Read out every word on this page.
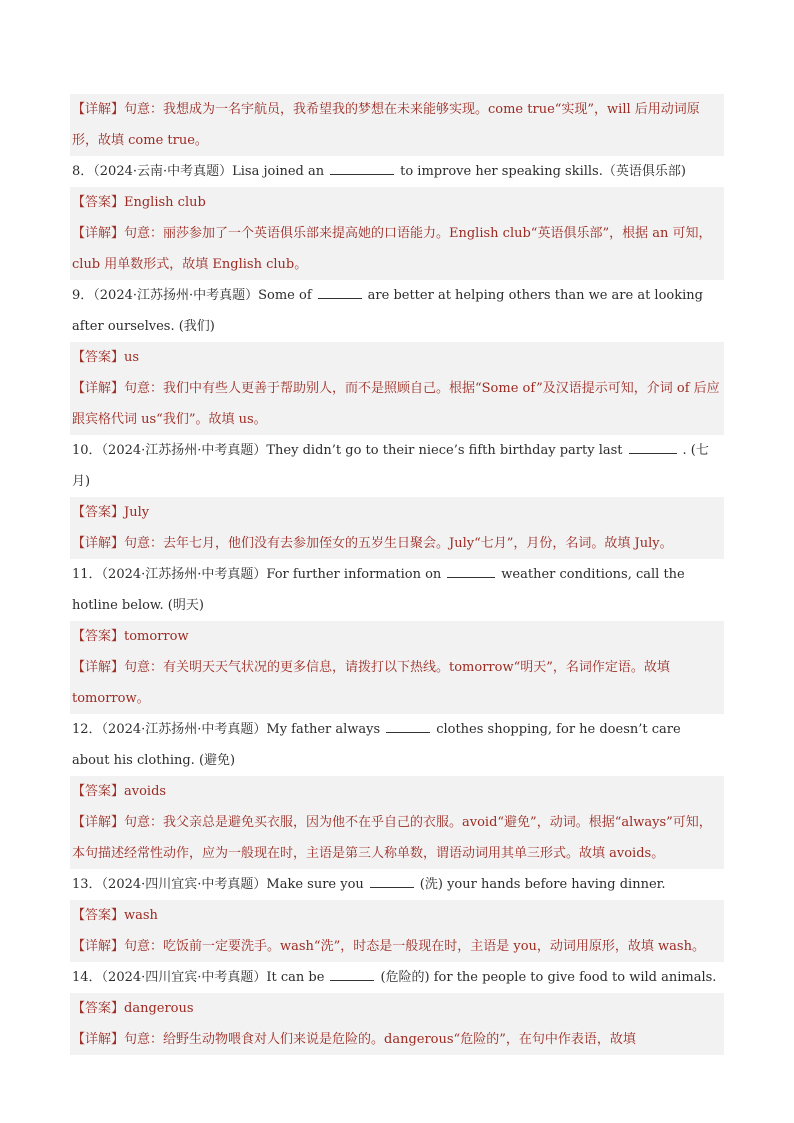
【详解】句意：我想成为一名宇航员，我希望我的梦想在未来能够实现。come true“实现”，will 后用动词原形，故填 come true。
8．（2024·云南·中考真题）Lisa joined an	to improve her speaking skills.（英语俱乐部)
【答案】English club
【详解】句意：丽莎参加了一个英语俱乐部来提高她的口语能力。English club“英语俱乐部”，根据 an 可知，club 用单数形式，故填 English club。
9．（2024·江苏扬州·中考真题）Some of	are better at helping others than we are at looking after ourselves. (我们)
【答案】us
【详解】句意：我们中有些人更善于帮助别人，而不是照顾自己。根据“Some of”及汉语提示可知，介词 of 后应跟宾格代词 us“我们”。故填 us。
10．（2024·江苏扬州·中考真题）They didn’t go to their niece’s fifth birthday party last	. (七月)
【答案】July
【详解】句意：去年七月，他们没有去参加侄女的五岁生日聚会。July“七月”，月份，名词。故填 July。
11．（2024·江苏扬州·中考真题）For further information on	weather conditions, call the hotline below. (明天)
【答案】tomorrow
【详解】句意：有关明天天气状况的更多信息，请拨打以下热线。tomorrow“明天”，名词作定语。故填 tomorrow。
12．（2024·江苏扬州·中考真题）My father always	clothes shopping, for he doesn’t care about his clothing. (避免)
【答案】avoids
【详解】句意：我父亲总是避免买衣服，因为他不在乎自己的衣服。avoid“避免”，动词。根据“always”可知，本句描述经常性动作，应为一般现在时，主语是第三人称单数，谓语动词用其单三形式。故填 avoids。
13．（2024·四川宜宾·中考真题）Make sure you	(洗) your hands before having dinner.
【答案】wash
【详解】句意：吃饭前一定要洗手。wash“洗”，时态是一般现在时，主语是 you，动词用原形，故填 wash。
14．（2024·四川宜宾·中考真题）It can be	(危险的) for the people to give food to wild animals.
【答案】dangerous
【详解】句意：给野生动物喂食对人们来说是危险的。dangerous“危险的”，在句中作表语，故填
